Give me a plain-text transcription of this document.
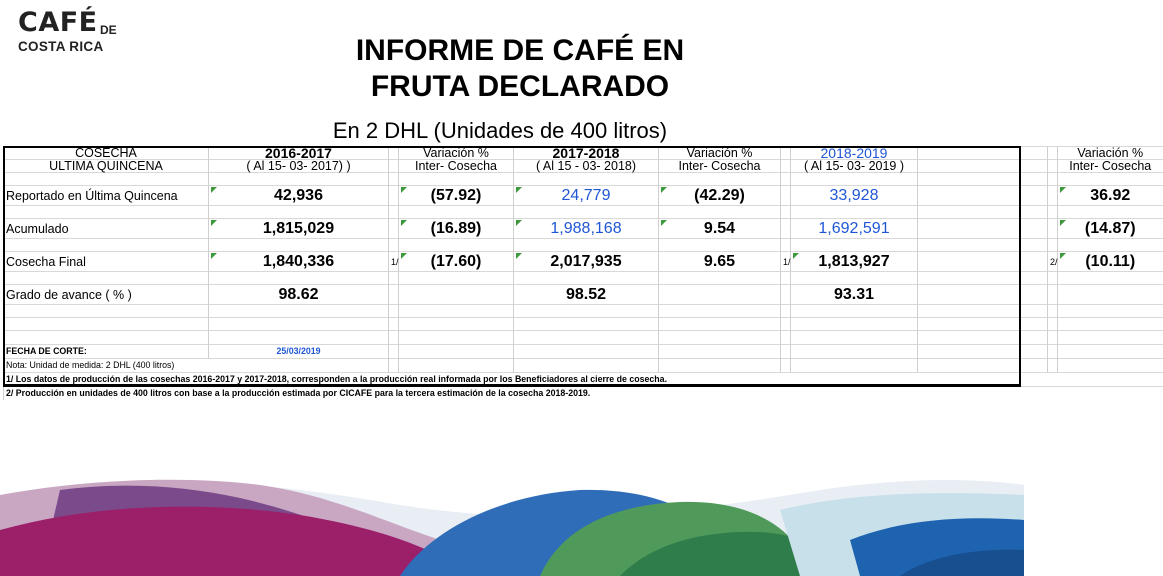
CAFÉ DE
COSTA RICA	INFORME DE CAFÉ EN
FRUTA DECLARADO
En 2 DHL (Unidades de 400 litros)
COSECHA	2016-2017		Variación %	2017-2018	Variación %		2018-2019			Variación %
ULTIMA QUINCENA	( Al 15- 03- 2017) )		Inter- Cosecha	( Al 15 - 03- 2018)	Inter- Cosecha		( Al 15- 03- 2019 )			Inter- Cosecha

Reportado en Última Quincena	42,936		(57.92)	24,779	(42.29)		33,928			36.92

Acumulado	1,815,029		(16.89)	1,988,168	9.54		1,692,591			(14.87)

Cosecha Final	1,840,336	1/	(17.60)	2,017,935	9.65	1/	1,813,927		2/	(10.11)

Grado de avance ( % )	98.62			98.52			93.31			

FECHA DE CORTE:	25/03/2019									
Nota: Unidad de medida: 2 DHL (400 litros)										
1/ Los datos de producción de las cosechas 2016-2017 y 2017-2018, corresponden a la producción real informada por los Beneficiadores al cierre de cosecha.										
2/ Producción en unidades de 400 litros con base a la producción estimada por CICAFE para la tercera estimación de la cosecha 2018-2019.										
